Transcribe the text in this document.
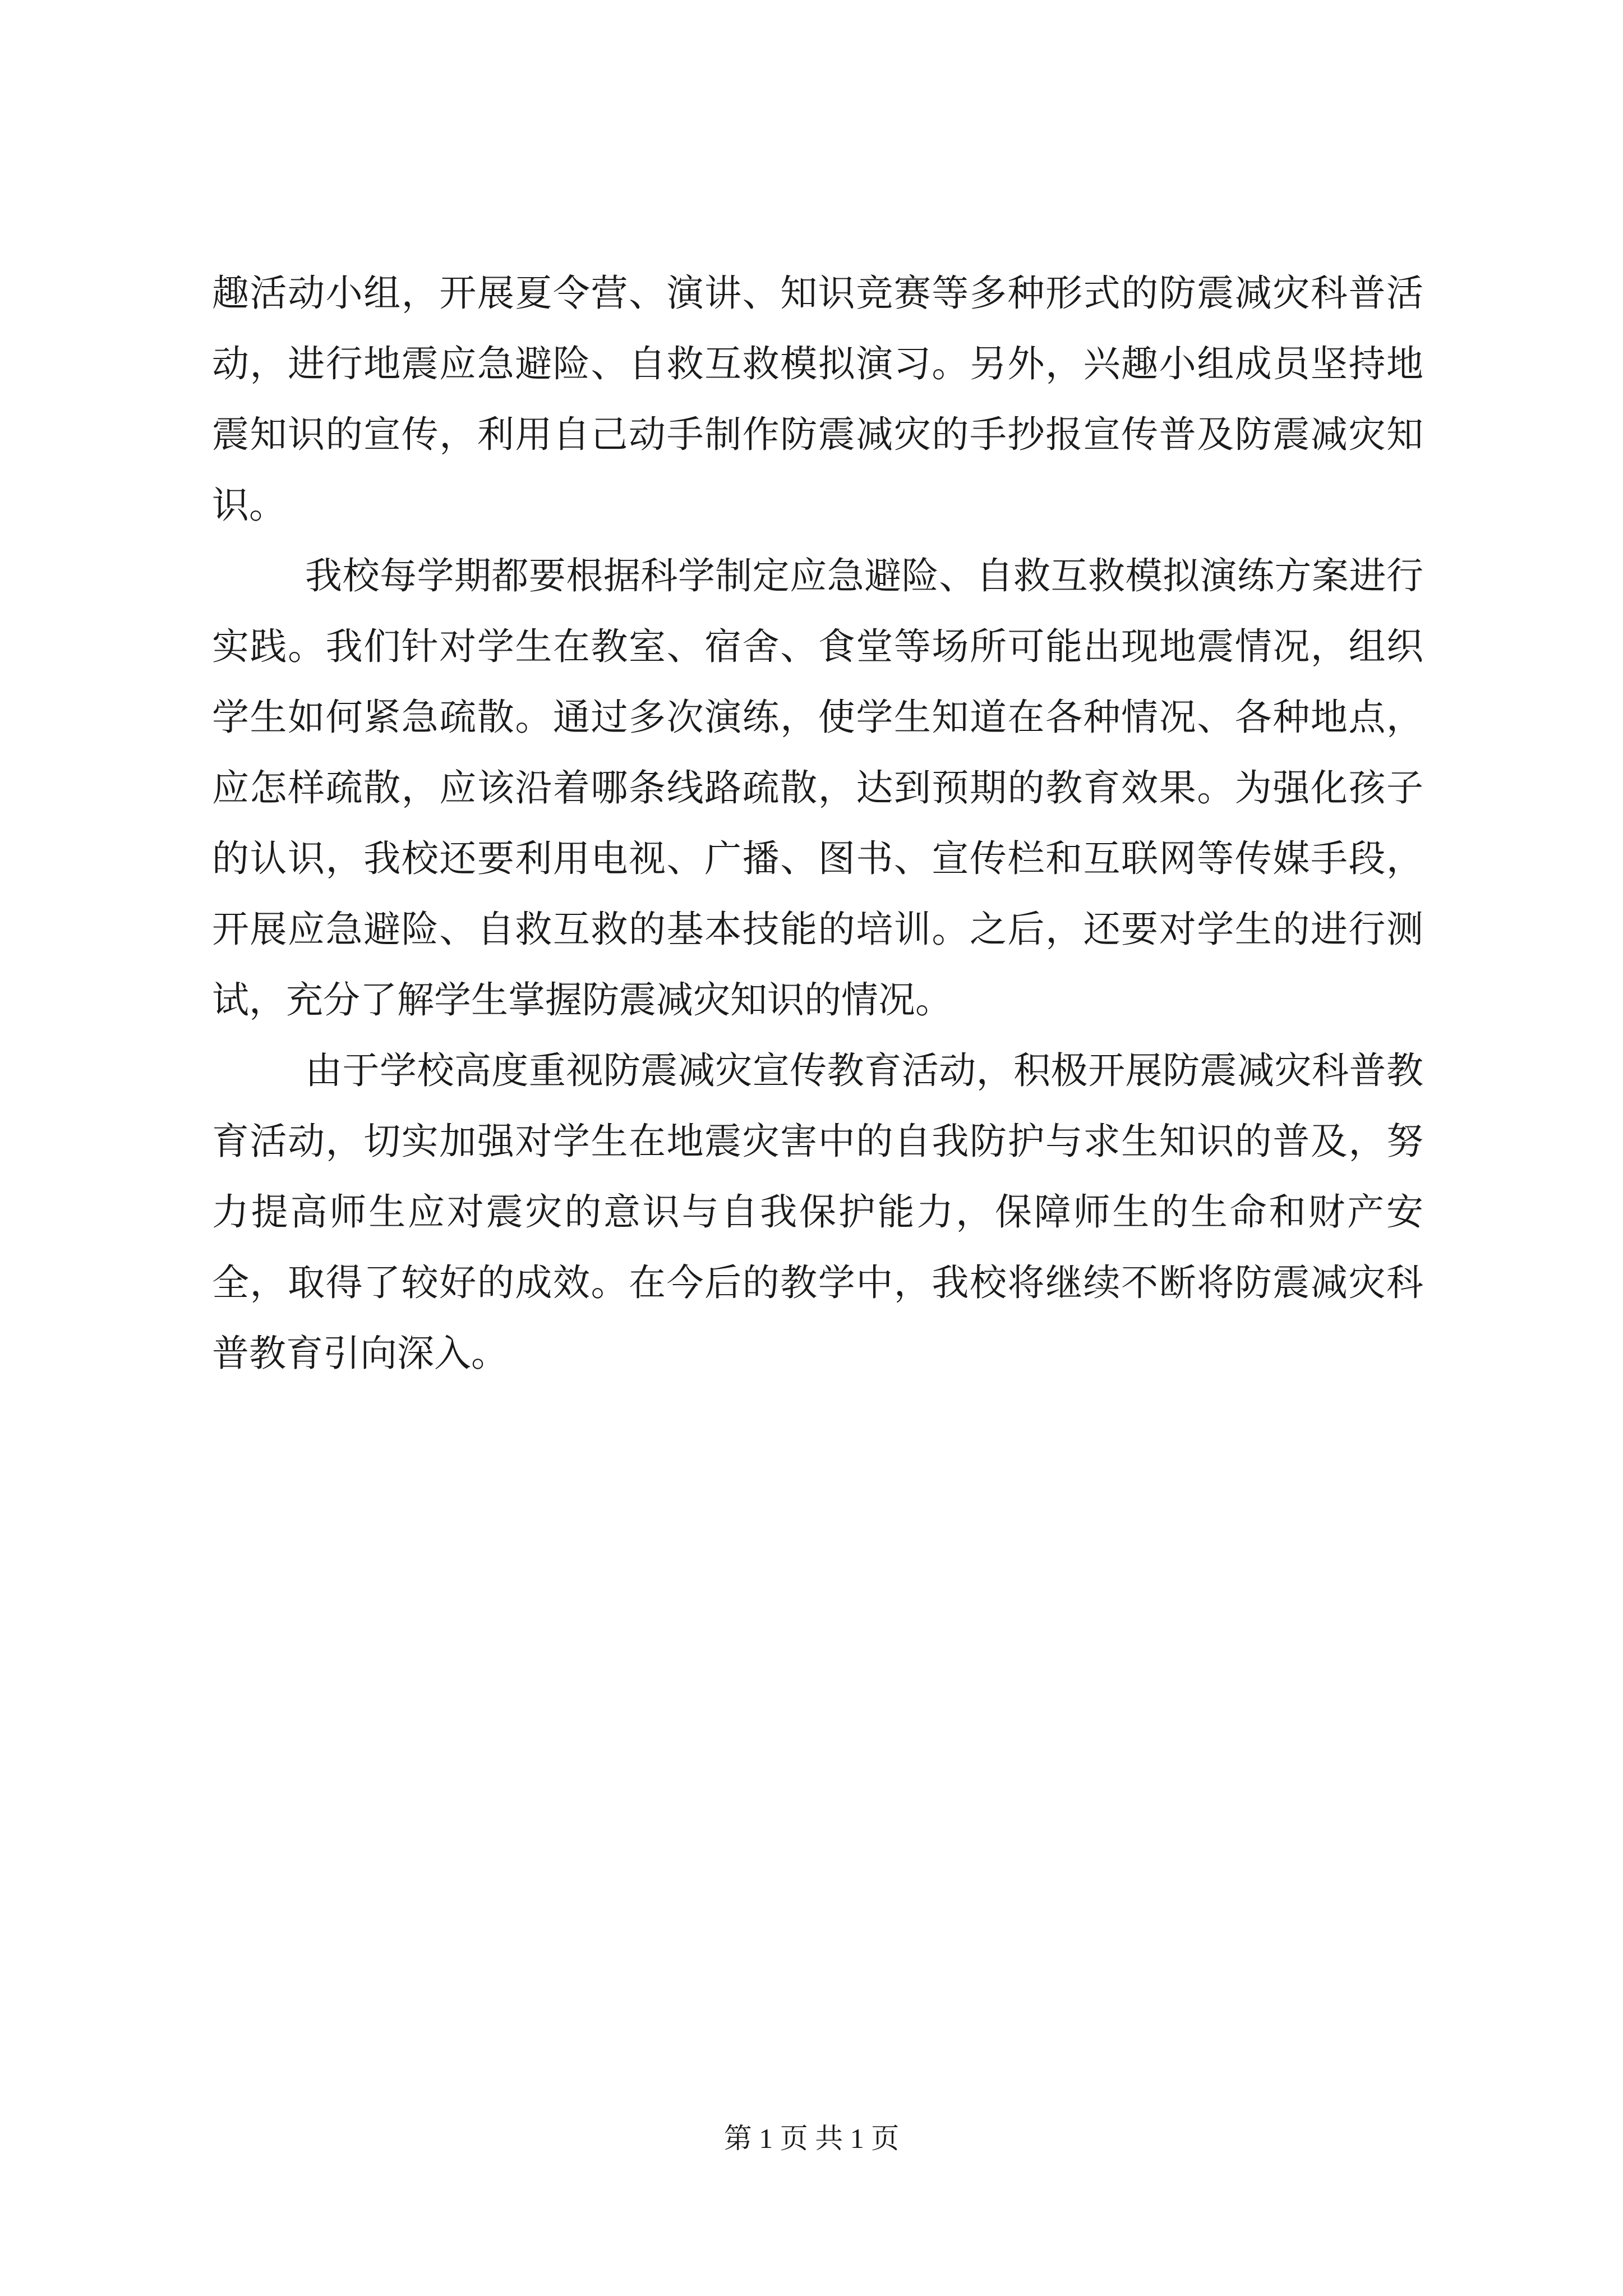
趣活动小组，开展夏令营、演讲、知识竞赛等多种形式的防震减灾科普活动，进行地震应急避险、自救互救模拟演习。另外，兴趣小组成员坚持地震知识的宣传，利用自己动手制作防震减灾的手抄报宣传普及防震减灾知识。

我校每学期都要根据科学制定应急避险、自救互救模拟演练方案进行实践。我们针对学生在教室、宿舍、食堂等场所可能出现地震情况，组织学生如何紧急疏散。通过多次演练，使学生知道在各种情况、各种地点，应怎样疏散，应该沿着哪条线路疏散，达到预期的教育效果。为强化孩子的认识，我校还要利用电视、广播、图书、宣传栏和互联网等传媒手段，开展应急避险、自救互救的基本技能的培训。之后，还要对学生的进行测试，充分了解学生掌握防震减灾知识的情况。

由于学校高度重视防震减灾宣传教育活动，积极开展防震减灾科普教育活动，切实加强对学生在地震灾害中的自我防护与求生知识的普及，努力提高师生应对震灾的意识与自我保护能力，保障师生的生命和财产安全，取得了较好的成效。在今后的教学中，我校将继续不断将防震减灾科普教育引向深入。

第 1 页 共 1 页
